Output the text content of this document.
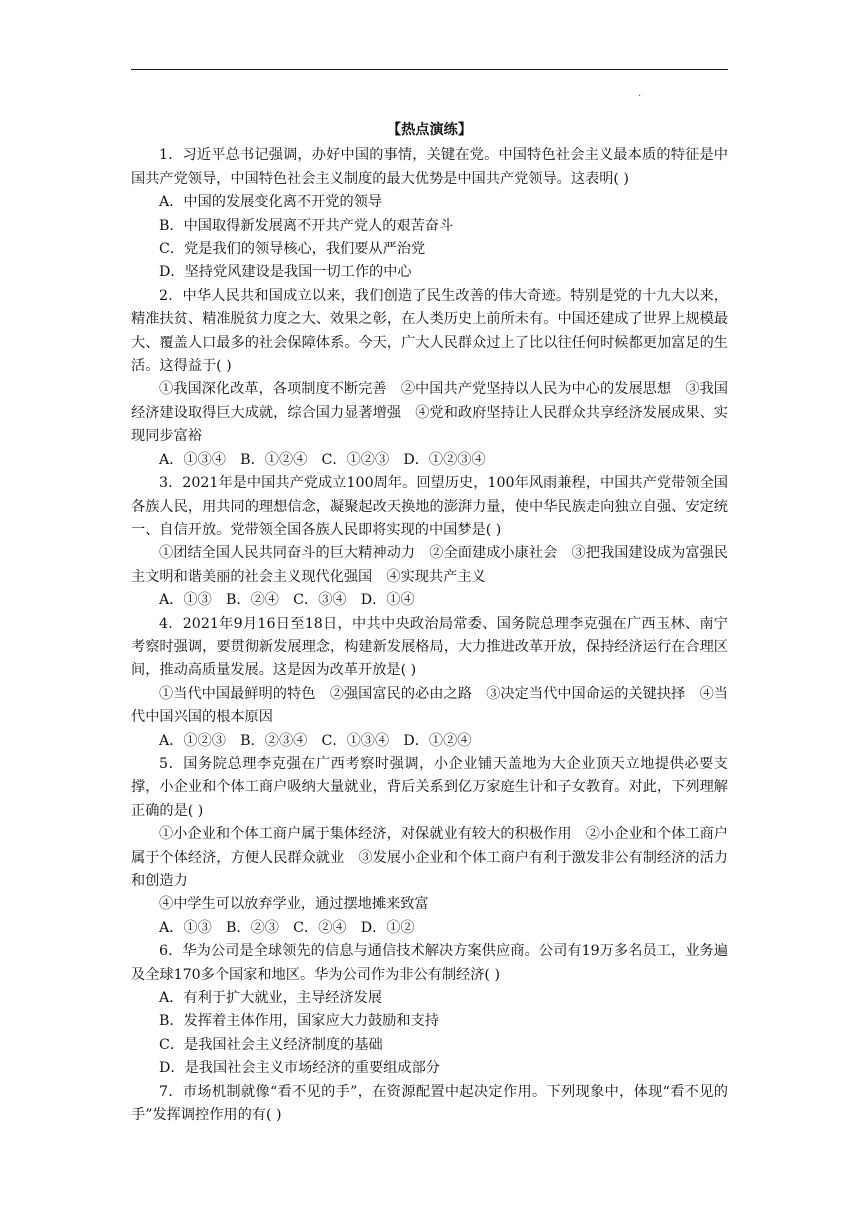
.

【热点演练】

1．习近平总书记强调，办好中国的事情，关键在党。中国特色社会主义最本质的特征是中国共产党领导，中国特色社会主义制度的最大优势是中国共产党领导。这表明( )

A．中国的发展变化离不开党的领导

B．中国取得新发展离不开共产党人的艰苦奋斗

C．党是我们的领导核心，我们要从严治党

D．坚持党风建设是我国一切工作的中心

2．中华人民共和国成立以来，我们创造了民生改善的伟大奇迹。特别是党的十九大以来，精准扶贫、精准脱贫力度之大、效果之彰，在人类历史上前所未有。中国还建成了世界上规模最大、覆盖人口最多的社会保障体系。今天，广大人民群众过上了比以往任何时候都更加富足的生活。这得益于( )

①我国深化改革，各项制度不断完善　②中国共产党坚持以人民为中心的发展思想　③我国经济建设取得巨大成就，综合国力显著增强　④党和政府坚持让人民群众共享经济发展成果、实现同步富裕

A．①③④　B．①②④　C．①②③　D．①②③④

3．2021年是中国共产党成立100周年。回望历史，100年风雨兼程，中国共产党带领全国各族人民，用共同的理想信念，凝聚起改天换地的澎湃力量，使中华民族走向独立自强、安定统一、自信开放。党带领全国各族人民即将实现的中国梦是( )

①团结全国人民共同奋斗的巨大精神动力　②全面建成小康社会　③把我国建设成为富强民主文明和谐美丽的社会主义现代化强国　④实现共产主义

A．①③　B．②④　C．③④　D．①④

4．2021年9月16日至18日，中共中央政治局常委、国务院总理李克强在广西玉林、南宁考察时强调，要贯彻新发展理念，构建新发展格局，大力推进改革开放，保持经济运行在合理区间，推动高质量发展。这是因为改革开放是( )

①当代中国最鲜明的特色　②强国富民的必由之路　③决定当代中国命运的关键抉择　④当代中国兴国的根本原因

A．①②③　B．②③④　C．①③④　D．①②④

5．国务院总理李克强在广西考察时强调，小企业铺天盖地为大企业顶天立地提供必要支撑，小企业和个体工商户吸纳大量就业，背后关系到亿万家庭生计和子女教育。对此，下列理解正确的是( )

①小企业和个体工商户属于集体经济，对保就业有较大的积极作用　②小企业和个体工商户属于个体经济，方便人民群众就业　③发展小企业和个体工商户有利于激发非公有制经济的活力和创造力

④中学生可以放弃学业，通过摆地摊来致富

A．①③　B．②③　C．②④　D．①②

6．华为公司是全球领先的信息与通信技术解决方案供应商。公司有19万多名员工，业务遍及全球170多个国家和地区。华为公司作为非公有制经济( )

A．有利于扩大就业，主导经济发展

B．发挥着主体作用，国家应大力鼓励和支持

C．是我国社会主义经济制度的基础

D．是我国社会主义市场经济的重要组成部分

7．市场机制就像“看不见的手”，在资源配置中起决定作用。下列现象中，体现“看不见的手”发挥调控作用的有( )
